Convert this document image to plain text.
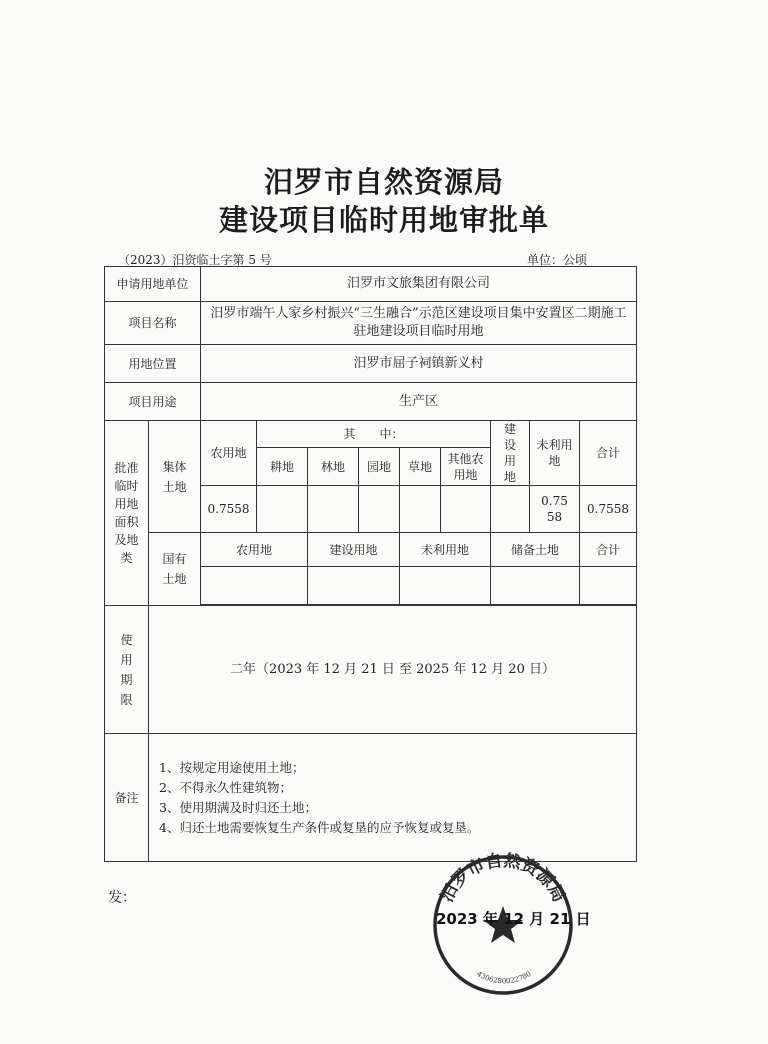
汨罗市自然资源局
建设项目临时用地审批单
（2023）汨资临土字第 5 号	单位：公顷
申请用地单位		汨罗市文旅集团有限公司								
项目名称		汨罗市端午人家乡村振兴“三生融合”示范区建设项目集中安置区二期施工驻地建设项目临时用地								
用地位置		汨罗市屈子祠镇新义村								
项目用途		生产区								
批准临时用地面积及地类	集体土地	农用地	其　　中：					建设用地	未利用地	合计
			耕地	林地	园地	草地	其他农用地			
		0.7558							0.7558	0.7558
	国有土地	农用地		建设用地		未利用地		储备土地		合计

使用期限	二年（2023 年 12 月 21 日 至 2025 年 12 月 20 日）									
备注	1、按规定用途使用土地；
2、不得永久性建筑物；
3、使用期满及时归还土地；
4、归还土地需要恢复生产条件或复垦的应予恢复或复垦。									
发：	汨罗市自然资源局
4306280022780
2023 年 12 月 21 日
